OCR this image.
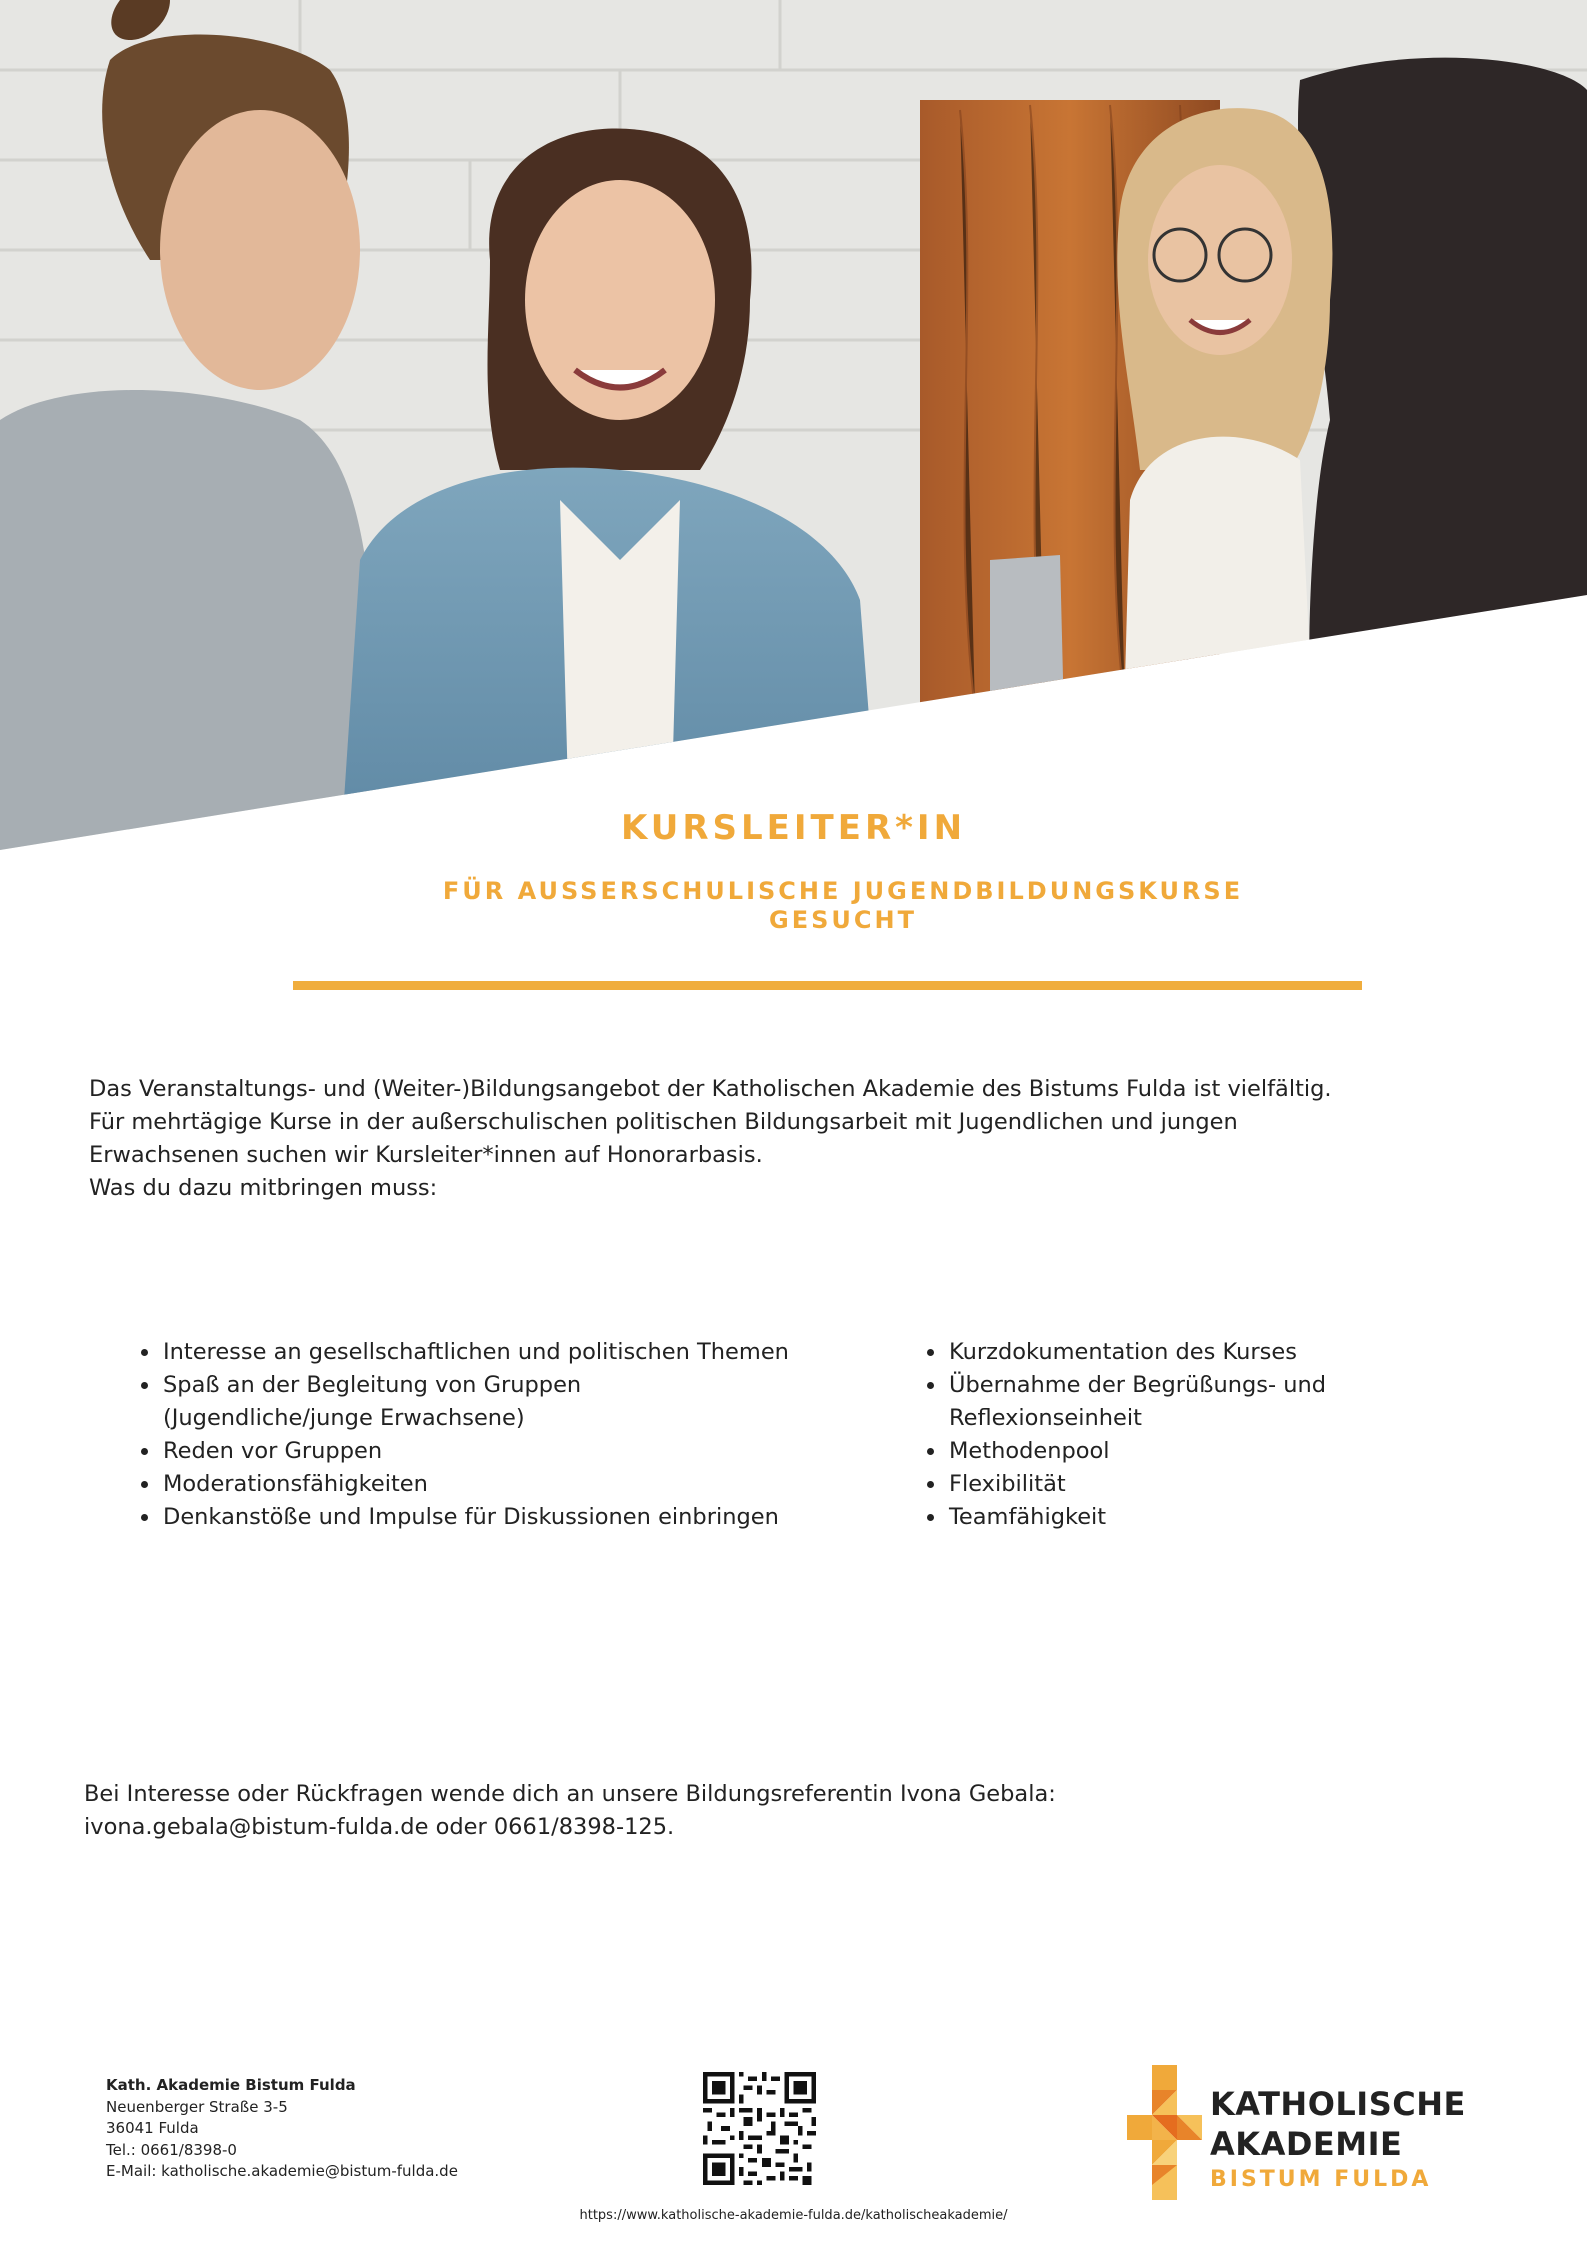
KURSLEITER*IN
FÜR AUSSERSCHULISCHE JUGENDBILDUNGSKURSE GESUCHT

Das Veranstaltungs- und (Weiter-)Bildungsangebot der Katholischen Akademie des Bistums Fulda ist vielfältig.

Für mehrtägige Kurse in der außerschulischen politischen Bildungsarbeit mit Jugendlichen und jungen Erwachsenen suchen wir Kursleiter*innen auf Honorarbasis.

Was du dazu mitbringen muss:

• Interesse an gesellschaftlichen und politischen Themen
• Spaß an der Begleitung von Gruppen (Jugendliche/junge Erwachsene)
• Reden vor Gruppen
• Moderationsfähigkeiten
• Denkanstöße und Impulse für Diskussionen einbringen
• Kurzdokumentation des Kurses
• Übernahme der Begrüßungs- und Reflexionseinheit
• Methodenpool
• Flexibilität
• Teamfähigkeit

Bei Interesse oder Rückfragen wende dich an unsere Bildungsreferentin Ivona Gebala:

ivona.gebala@bistum-fulda.de oder 0661/8398-125.

Kath. Akademie Bistum Fulda
Neuenberger Straße 3-5
36041 Fulda
Tel.: 0661/8398-0
E-Mail: katholische.akademie@bistum-fulda.de
https://www.katholische-akademie-fulda.de/katholischeakademie/
KATHOLISCHE
AKADEMIE
BISTUM FULDA
